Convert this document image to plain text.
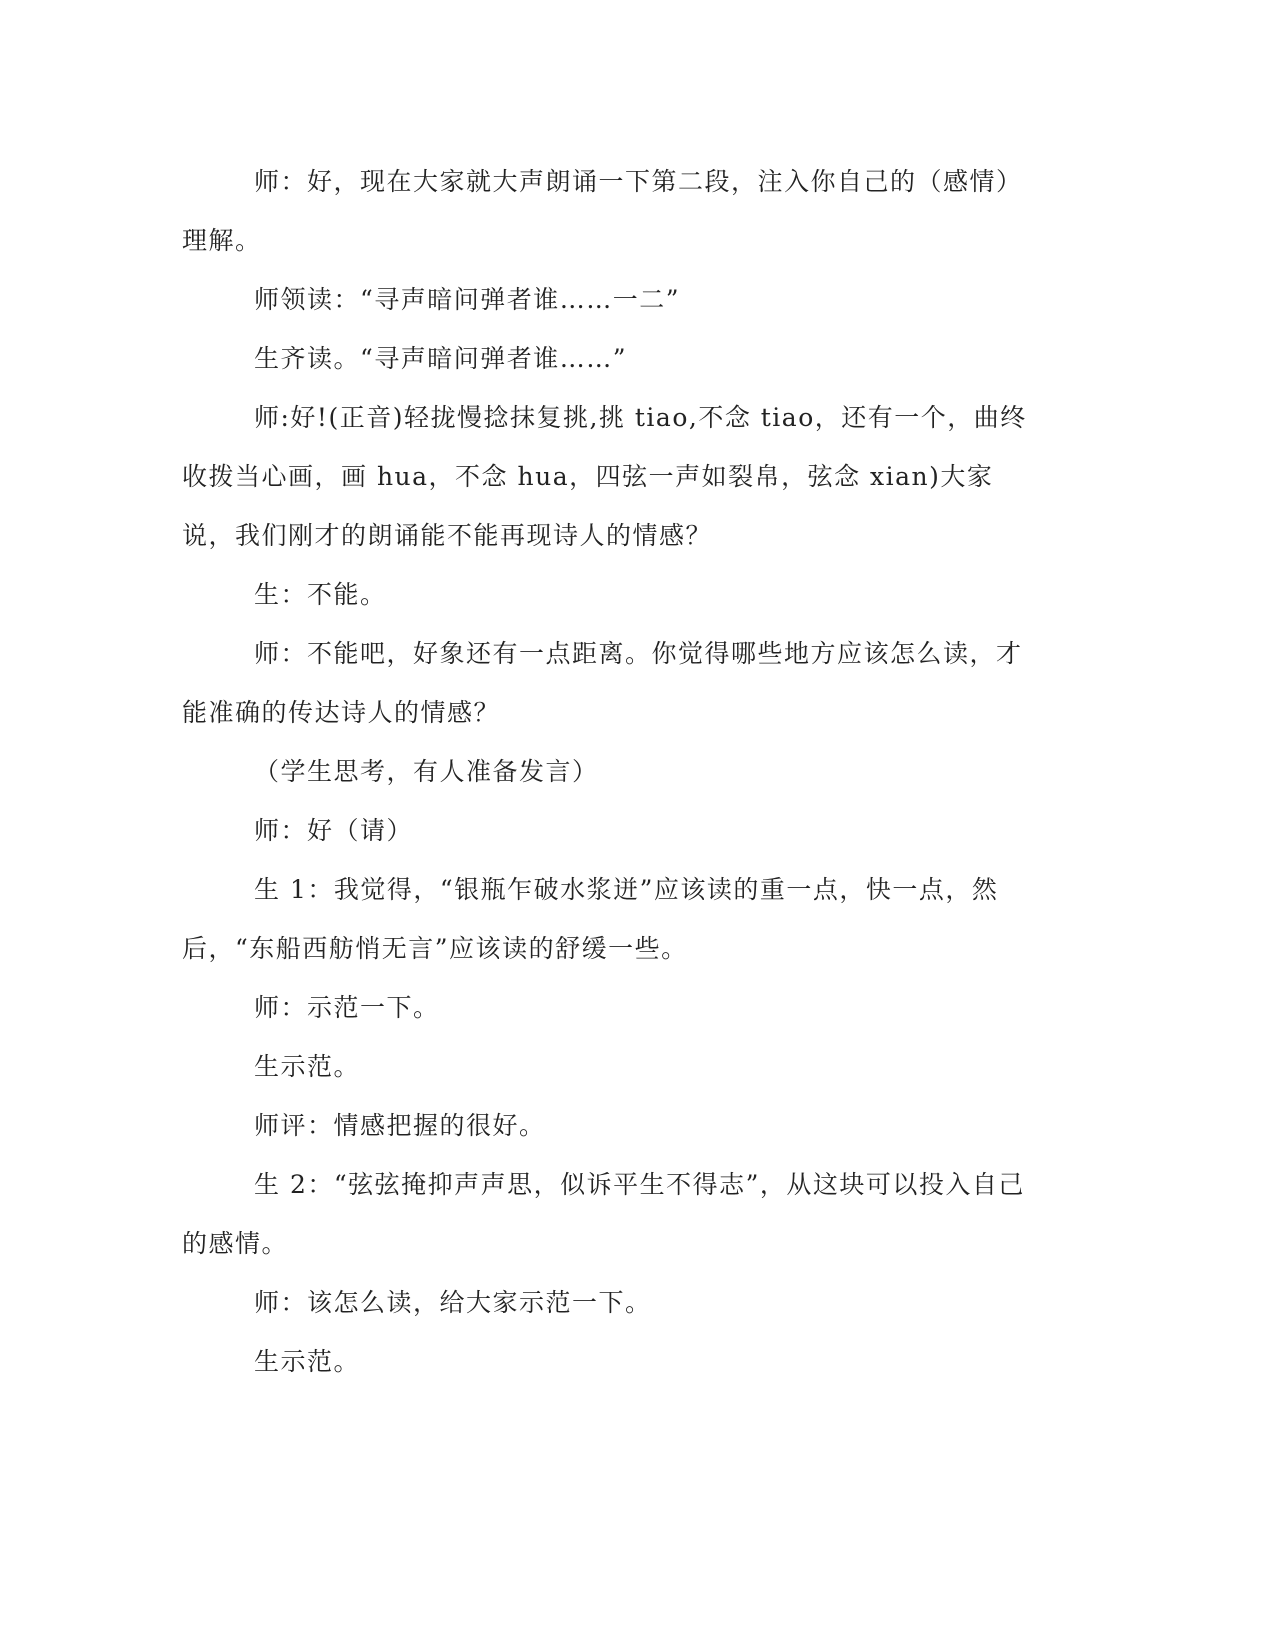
师：好，现在大家就大声朗诵一下第二段，注入你自己的（感情）理解。

师领读：“寻声暗问弹者谁……一二”

生齐读。“寻声暗问弹者谁……”

师:好!(正音)轻拢慢捻抹复挑,挑 tiao,不念 tiao，还有一个，曲终收拨当心画，画 hua，不念 hua，四弦一声如裂帛，弦念 xian)大家说，我们刚才的朗诵能不能再现诗人的情感？

生：不能。

师：不能吧，好象还有一点距离。你觉得哪些地方应该怎么读，才能准确的传达诗人的情感？

（学生思考，有人准备发言）

师：好（请）

生 1：我觉得，“银瓶乍破水浆迸”应该读的重一点，快一点，然后，“东船西舫悄无言”应该读的舒缓一些。

师：示范一下。

生示范。

师评：情感把握的很好。

生 2：“弦弦掩抑声声思，似诉平生不得志”，从这块可以投入自己的感情。

师：该怎么读，给大家示范一下。

生示范。
